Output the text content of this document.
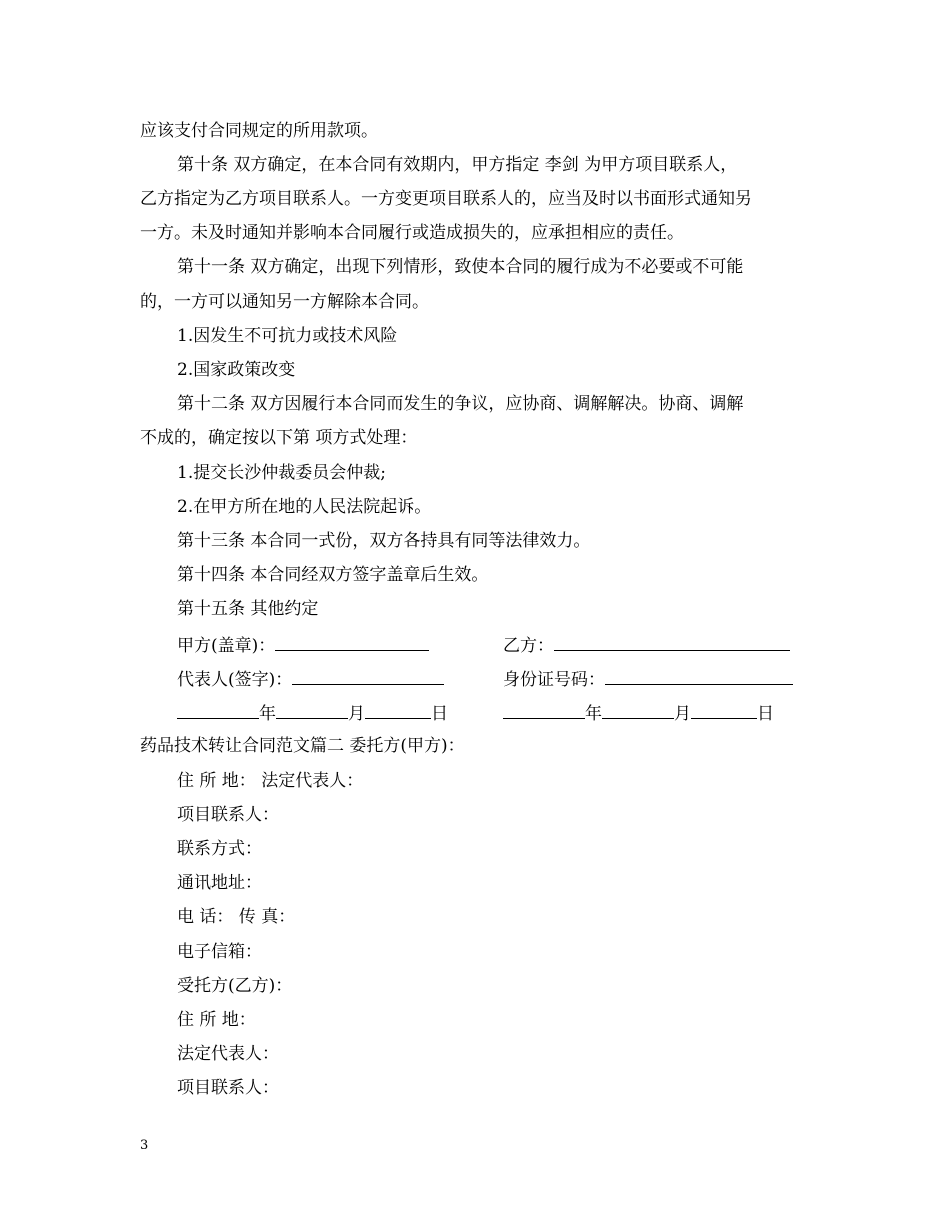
应该支付合同规定的所用款项。
第十条 双方确定，在本合同有效期内，甲方指定 李剑 为甲方项目联系人，
乙方指定为乙方项目联系人。一方变更项目联系人的，应当及时以书面形式通知另
一方。未及时通知并影响本合同履行或造成损失的，应承担相应的责任。
第十一条 双方确定，出现下列情形，致使本合同的履行成为不必要或不可能
的，一方可以通知另一方解除本合同。
1.因发生不可抗力或技术风险
2.国家政策改变
第十二条 双方因履行本合同而发生的争议，应协商、调解解决。协商、调解
不成的，确定按以下第 项方式处理：
1.提交长沙仲裁委员会仲裁;
2.在甲方所在地的人民法院起诉。
第十三条 本合同一式份，双方各持具有同等法律效力。
第十四条 本合同经双方签字盖章后生效。
第十五条 其他约定
甲方(盖章)：	乙方：
代表人(签字)：	身份证号码：
年	月	日	年	月	日
药品技术转让合同范文篇二 委托方(甲方)：
住 所 地： 法定代表人：
项目联系人：
联系方式：
通讯地址：
电 话： 传 真：
电子信箱：
受托方(乙方)：
住 所 地：
法定代表人：
项目联系人：
3
